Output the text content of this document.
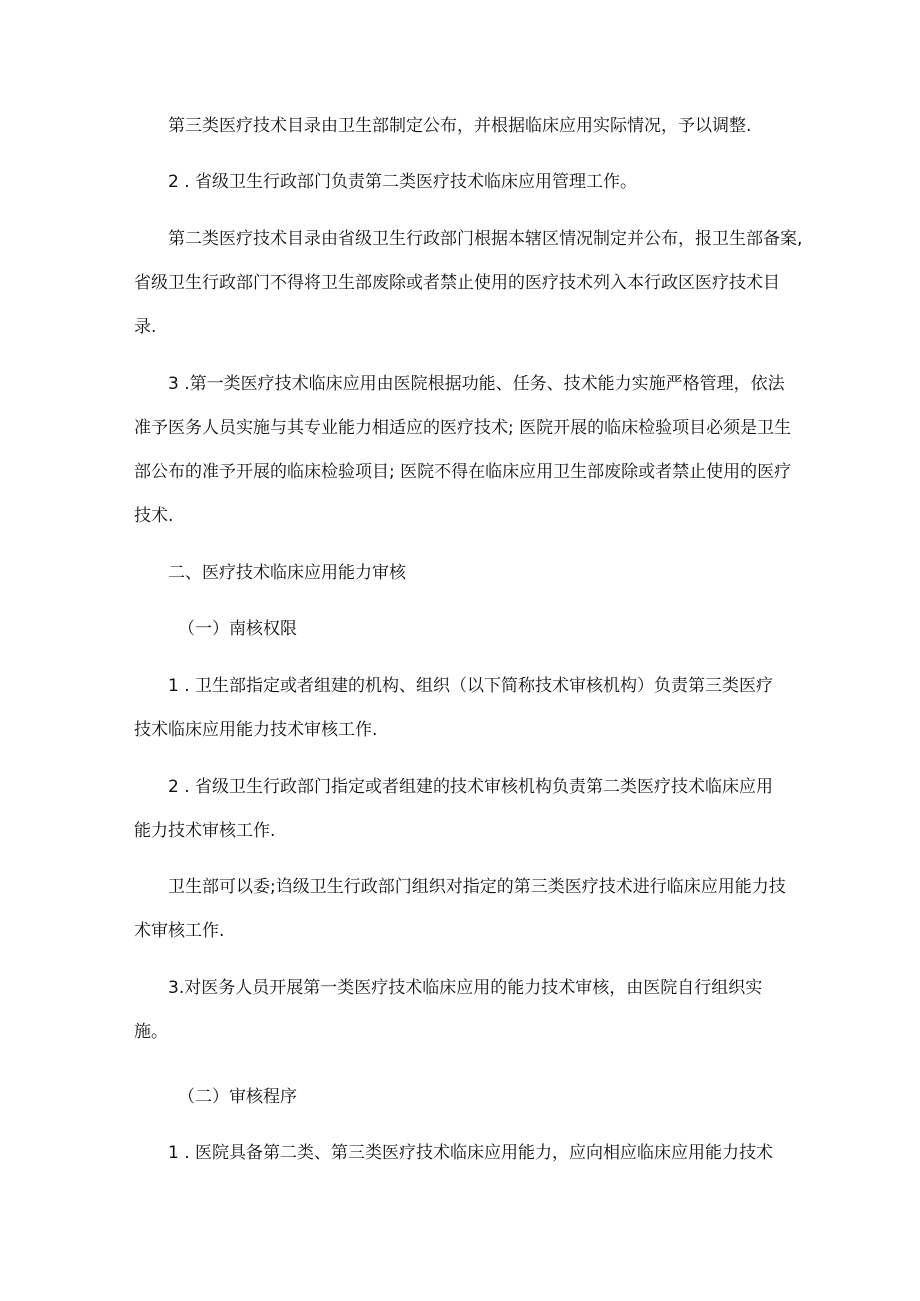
第三类医疗技术目录由卫生部制定公布，并根据临床应用实际情况，予以调整.
2 . 省级卫生行政部门负责第二类医疗技术临床应用管理工作。
第二类医疗技术目录由省级卫生行政部门根据本辖区情况制定并公布，报卫生部备案,
省级卫生行政部门不得将卫生部废除或者禁止使用的医疗技术列入本行政区医疗技术目
录.
3 .第一类医疗技术临床应用由医院根据功能、任务、技术能力实施严格管理，依法
准予医务人员实施与其专业能力相适应的医疗技术; 医院开展的临床检验项目必须是卫生
部公布的准予开展的临床检验项目; 医院不得在临床应用卫生部废除或者禁止使用的医疗
技术.
二、医疗技术临床应用能力审核
（一）南核权限
1 . 卫生部指定或者组建的机构、组织（以下简称技术审核机构）负责第三类医疗
技术临床应用能力技术审核工作.
2 . 省级卫生行政部门指定或者组建的技术审核机构负责第二类医疗技术临床应用
能力技术审核工作.
卫生部可以委;诌级卫生行政部门组织对指定的第三类医疗技术进行临床应用能力技
术审核工作.
3.对医务人员开展第一类医疗技术临床应用的能力技术审核，由医院自行组织实
施。
（二）审核程序
1 . 医院具备第二类、第三类医疗技术临床应用能力，应向相应临床应用能力技术
